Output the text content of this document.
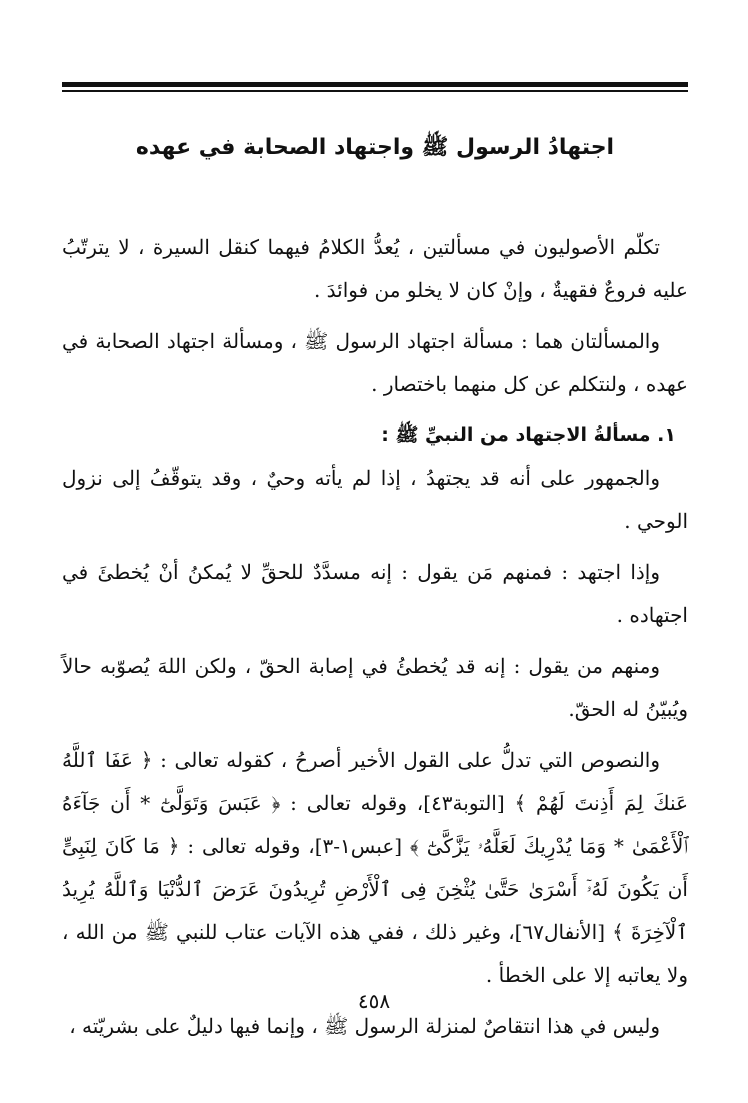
اجتهادُ الرسول ﷺ واجتهاد الصحابة في عهده

تكلّم الأصوليون في مسألتين ، يُعدُّ الكلامُ فيهما كنقل السيرة ، لا يترتّبُ عليه فروعٌ فقهيةٌ ، وإنْ كان لا يخلو من فوائدَ .

والمسألتان هما : مسألة اجتهاد الرسول ﷺ ، ومسألة اجتهاد الصحابة في عهده ، ولنتكلم عن كل منهما باختصار .

١. مسألةُ الاجتهاد من النبيِّ ﷺ :

والجمهور على أنه قد يجتهدُ ، إذا لم يأته وحيٌ ، وقد يتوقّفُ إلى نزول الوحي .

وإذا اجتهد : فمنهم مَن يقول : إنه مسدَّدٌ للحقِّ لا يُمكنُ أنْ يُخطئَ في اجتهاده .

ومنهم من يقول : إنه قد يُخطئُ في إصابة الحقّ ، ولكن اللهَ يُصوّبه حالاً ويُبيّنُ له الحقّ.

والنصوص التي تدلُّ على القول الأخير أصرحُ ، كقوله تعالى : ﴿ عَفَا ٱللَّهُ عَنكَ لِمَ أَذِنتَ لَهُمْ ﴾ [التوبة٤٣]، وقوله تعالى : ﴿ عَبَسَ وَتَوَلَّىٰٓ * أَن جَآءَهُ ٱلْأَعْمَىٰ * وَمَا يُدْرِيكَ لَعَلَّهُۥ يَزَّكَّىٰٓ ﴾ [عبس١-٣]، وقوله تعالى : ﴿ مَا كَانَ لِنَبِىٍّ أَن يَكُونَ لَهُۥٓ أَسْرَىٰ حَتَّىٰ يُثْخِنَ فِى ٱلْأَرْضِ تُرِيدُونَ عَرَضَ ٱلدُّنْيَا وَٱللَّهُ يُرِيدُ ٱلْآخِرَةَ ﴾ [الأنفال٦٧]، وغير ذلك ، ففي هذه الآيات عتاب للنبي ﷺ من الله ، ولا يعاتبه إلا على الخطأ .

وليس في هذا انتقاصٌ لمنزلة الرسول ﷺ ، وإنما فيها دليلٌ على بشريّته ،

٤٥٨
